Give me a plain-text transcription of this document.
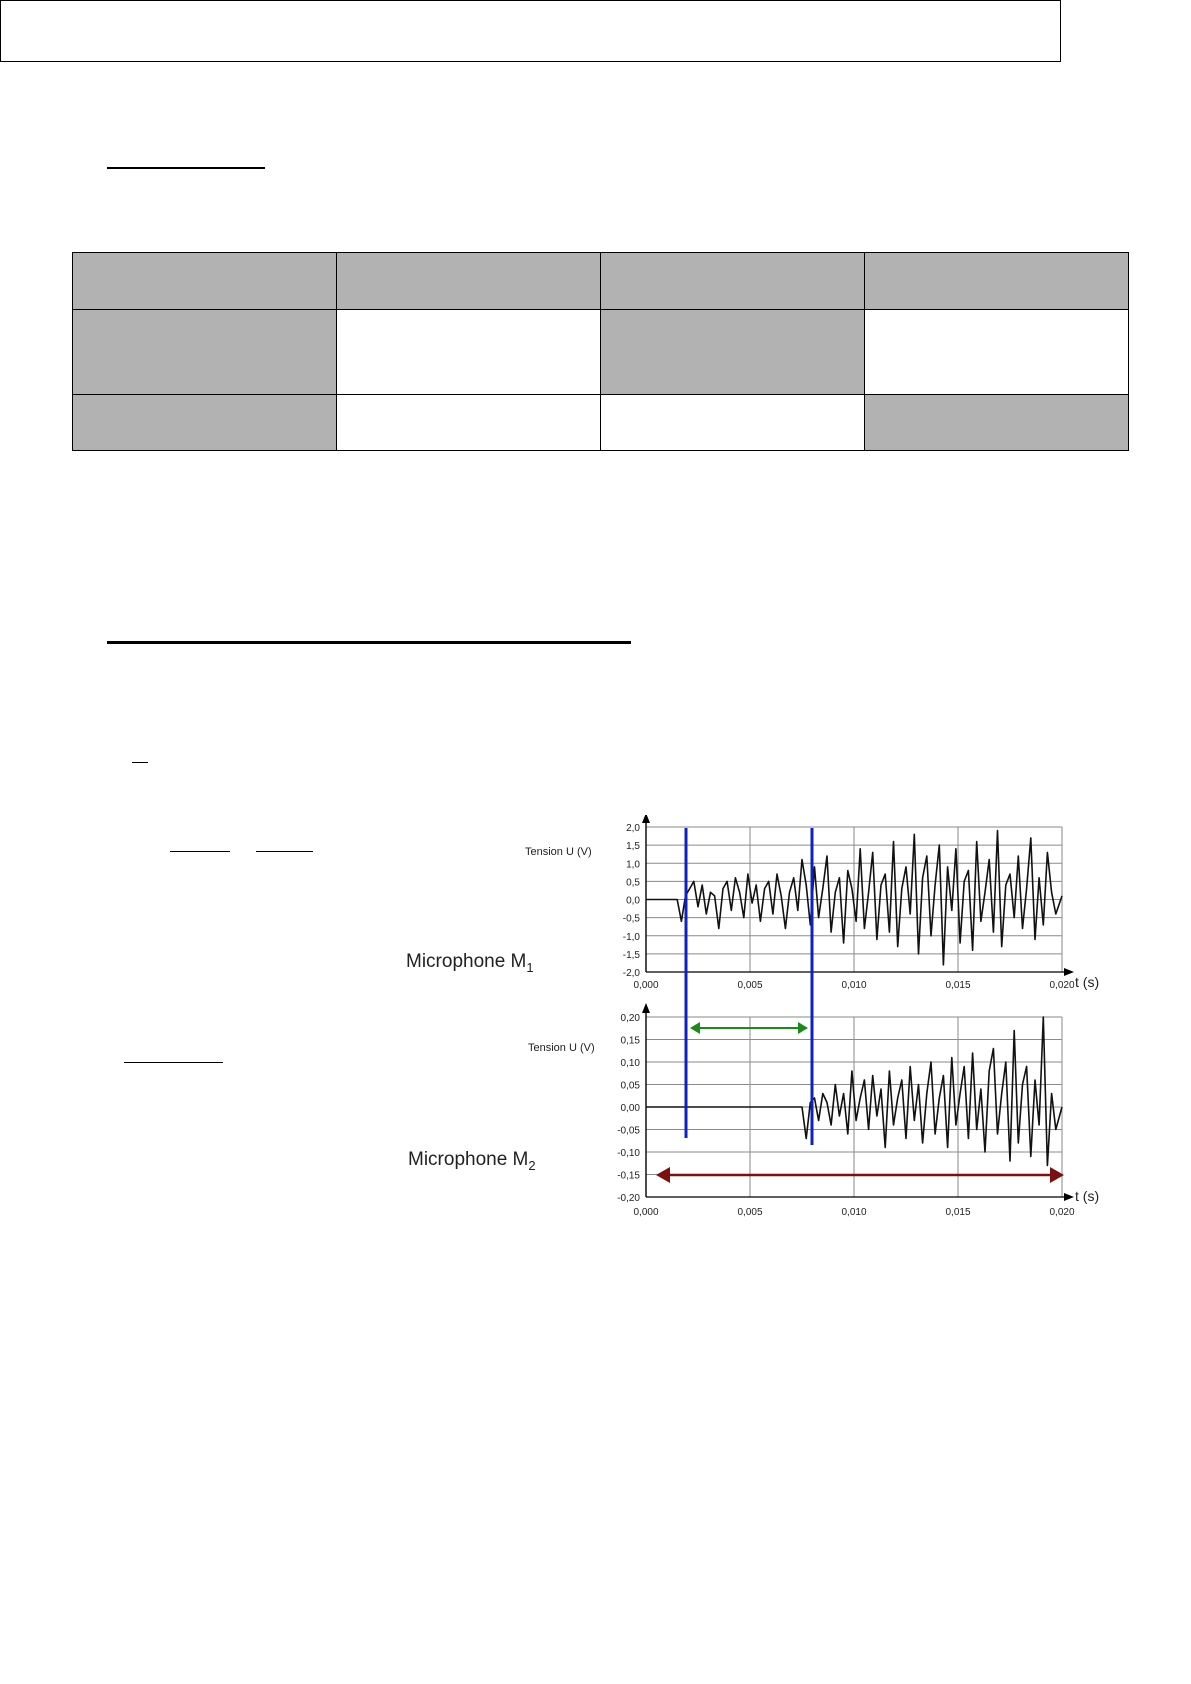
2,0
1,5
1,0
0,5
0,0
-0,5
-1,0
-1,5
-2,0
0,000	0,005	0,010	0,015	0,020
Tension U (V)
t (s)
Microphone $M_1$
0,20
0,15
0,10
0,05
0,00
-0,05
-0,10
-0,15
-0,20
0,000	0,005	0,010	0,015	0,020
Tension U (V)
t (s)
Microphone $M_2$
